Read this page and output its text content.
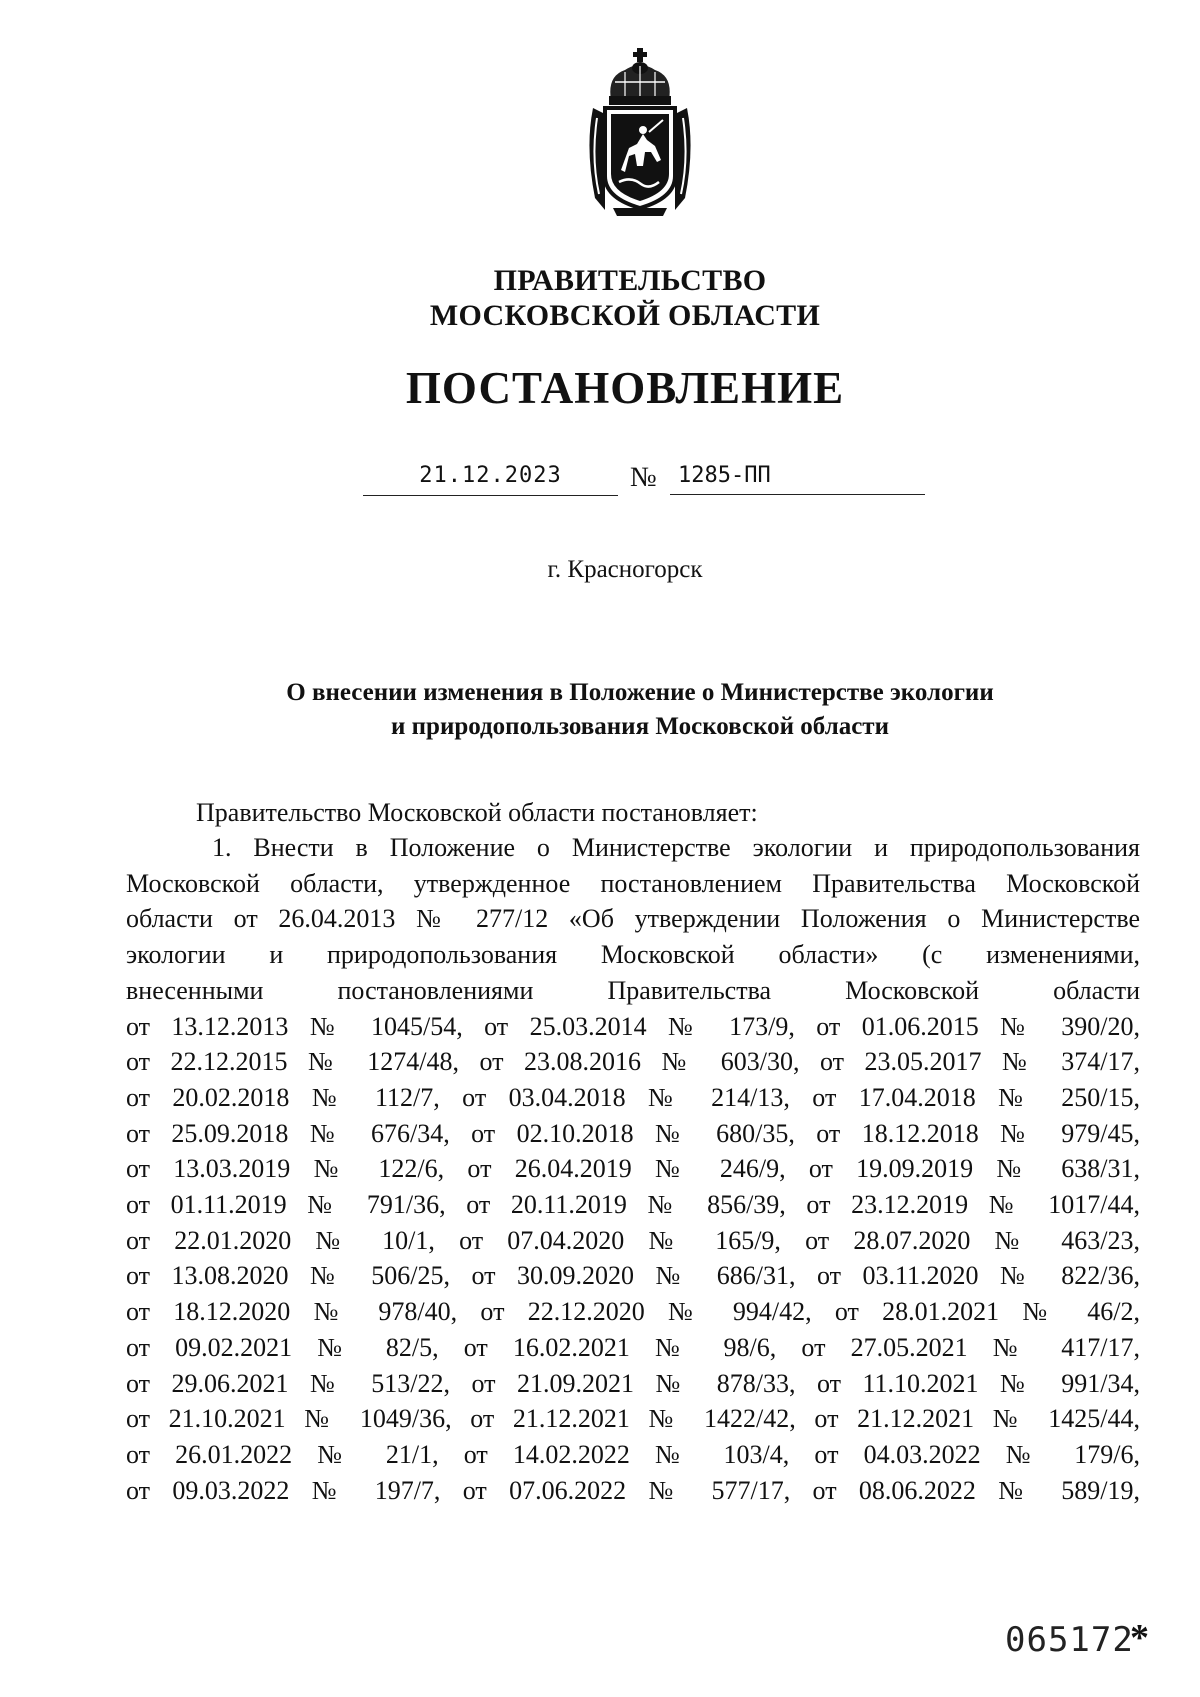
ПРАВИТЕЛЬСТВО
МОСКОВСКОЙ ОБЛАСТИ
ПОСТАНОВЛЕНИЕ
21.12.2023	№ 1285-ПП
г. Красногорск
О внесении изменения в Положение о Министерстве экологии
и природопользования Московской области
Правительство Московской области постановляет:
1. Внести в Положение о Министерстве экологии и природопользования
Московской области, утвержденное постановлением Правительства Московской
области от 26.04.2013 № 277/12 «Об утверждении Положения о Министерстве
экологии и природопользования Московской области» (с изменениями,
внесенными постановлениями Правительства Московской области
от 13.12.2013 № 1045/54, от 25.03.2014 № 173/9, от 01.06.2015 № 390/20,
от 22.12.2015 № 1274/48, от 23.08.2016 № 603/30, от 23.05.2017 № 374/17,
от 20.02.2018 № 112/7, от 03.04.2018 № 214/13, от 17.04.2018 № 250/15,
от 25.09.2018 № 676/34, от 02.10.2018 № 680/35, от 18.12.2018 № 979/45,
от 13.03.2019 № 122/6, от 26.04.2019 № 246/9, от 19.09.2019 № 638/31,
от 01.11.2019 № 791/36, от 20.11.2019 № 856/39, от 23.12.2019 № 1017/44,
от 22.01.2020 № 10/1, от 07.04.2020 № 165/9, от 28.07.2020 № 463/23,
от 13.08.2020 № 506/25, от 30.09.2020 № 686/31, от 03.11.2020 № 822/36,
от 18.12.2020 № 978/40, от 22.12.2020 № 994/42, от 28.01.2021 № 46/2,
от 09.02.2021 № 82/5, от 16.02.2021 № 98/6, от 27.05.2021 № 417/17,
от 29.06.2021 № 513/22, от 21.09.2021 № 878/33, от 11.10.2021 № 991/34,
от 21.10.2021 № 1049/36, от 21.12.2021 № 1422/42, от 21.12.2021 № 1425/44,
от 26.01.2022 № 21/1, от 14.02.2022 № 103/4, от 04.03.2022 № 179/6,
от 09.03.2022 № 197/7, от 07.06.2022 № 577/17, от 08.06.2022 № 589/19,
065172
*
